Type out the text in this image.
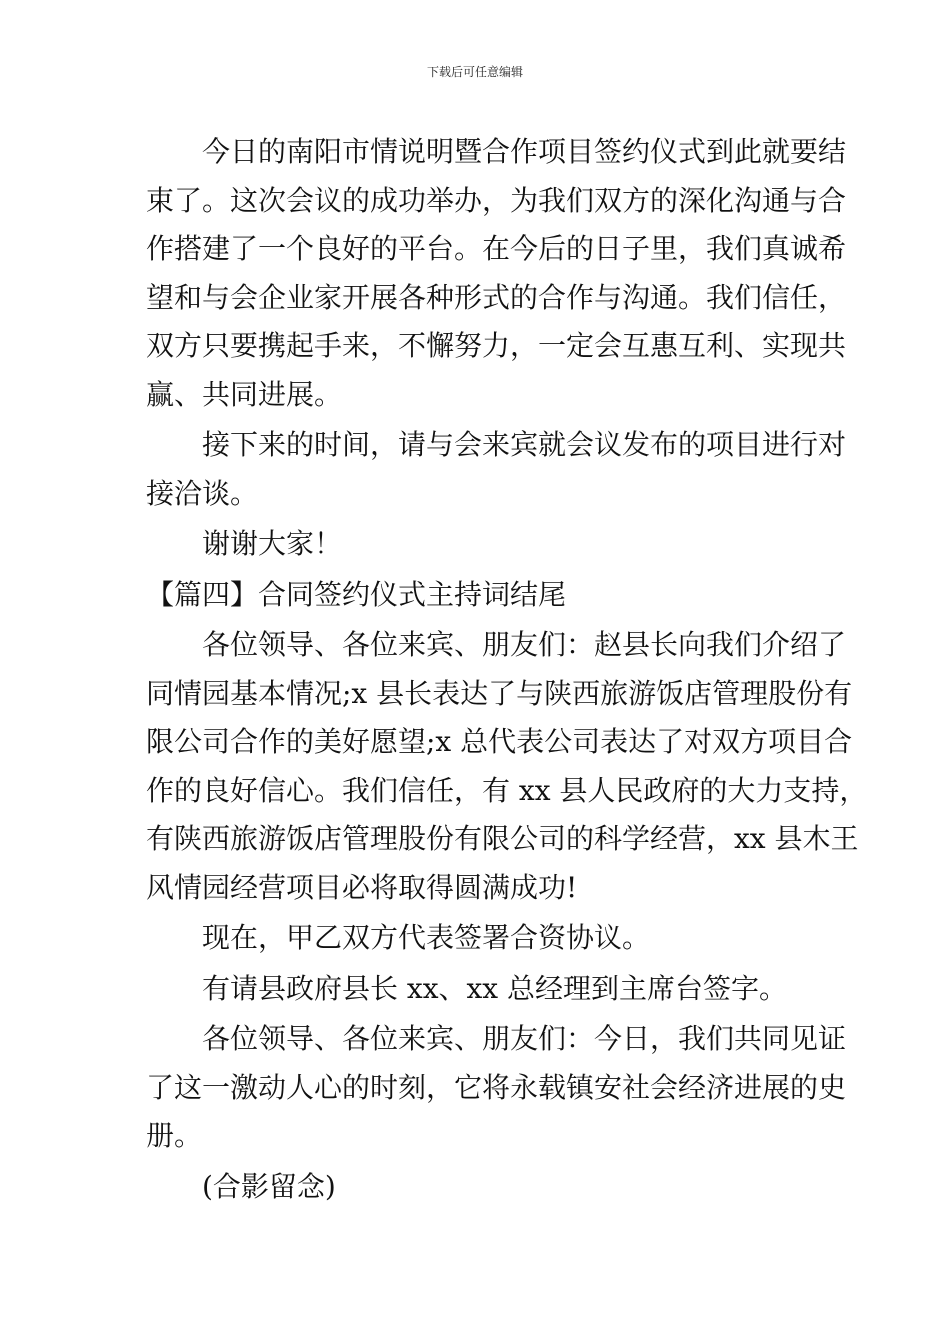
下载后可任意编辑
今日的南阳市情说明暨合作项目签约仪式到此就要结
束了。这次会议的成功举办，为我们双方的深化沟通与合
作搭建了一个良好的平台。在今后的日子里，我们真诚希
望和与会企业家开展各种形式的合作与沟通。我们信任，
双方只要携起手来，不懈努力，一定会互惠互利、实现共
赢、共同进展。
接下来的时间，请与会来宾就会议发布的项目进行对
接洽谈。
谢谢大家！
【篇四】合同签约仪式主持词结尾
各位领导、各位来宾、朋友们：赵县长向我们介绍了
同情园基本情况;x 县长表达了与陕西旅游饭店管理股份有
限公司合作的美好愿望;x 总代表公司表达了对双方项目合
作的良好信心。我们信任，有 xx 县人民政府的大力支持，
有陕西旅游饭店管理股份有限公司的科学经营，xx 县木王
风情园经营项目必将取得圆满成功!
现在，甲乙双方代表签署合资协议。
有请县政府县长 xx、xx 总经理到主席台签字。
各位领导、各位来宾、朋友们：今日，我们共同见证
了这一激动人心的时刻，它将永载镇安社会经济进展的史
册。
(合影留念)
